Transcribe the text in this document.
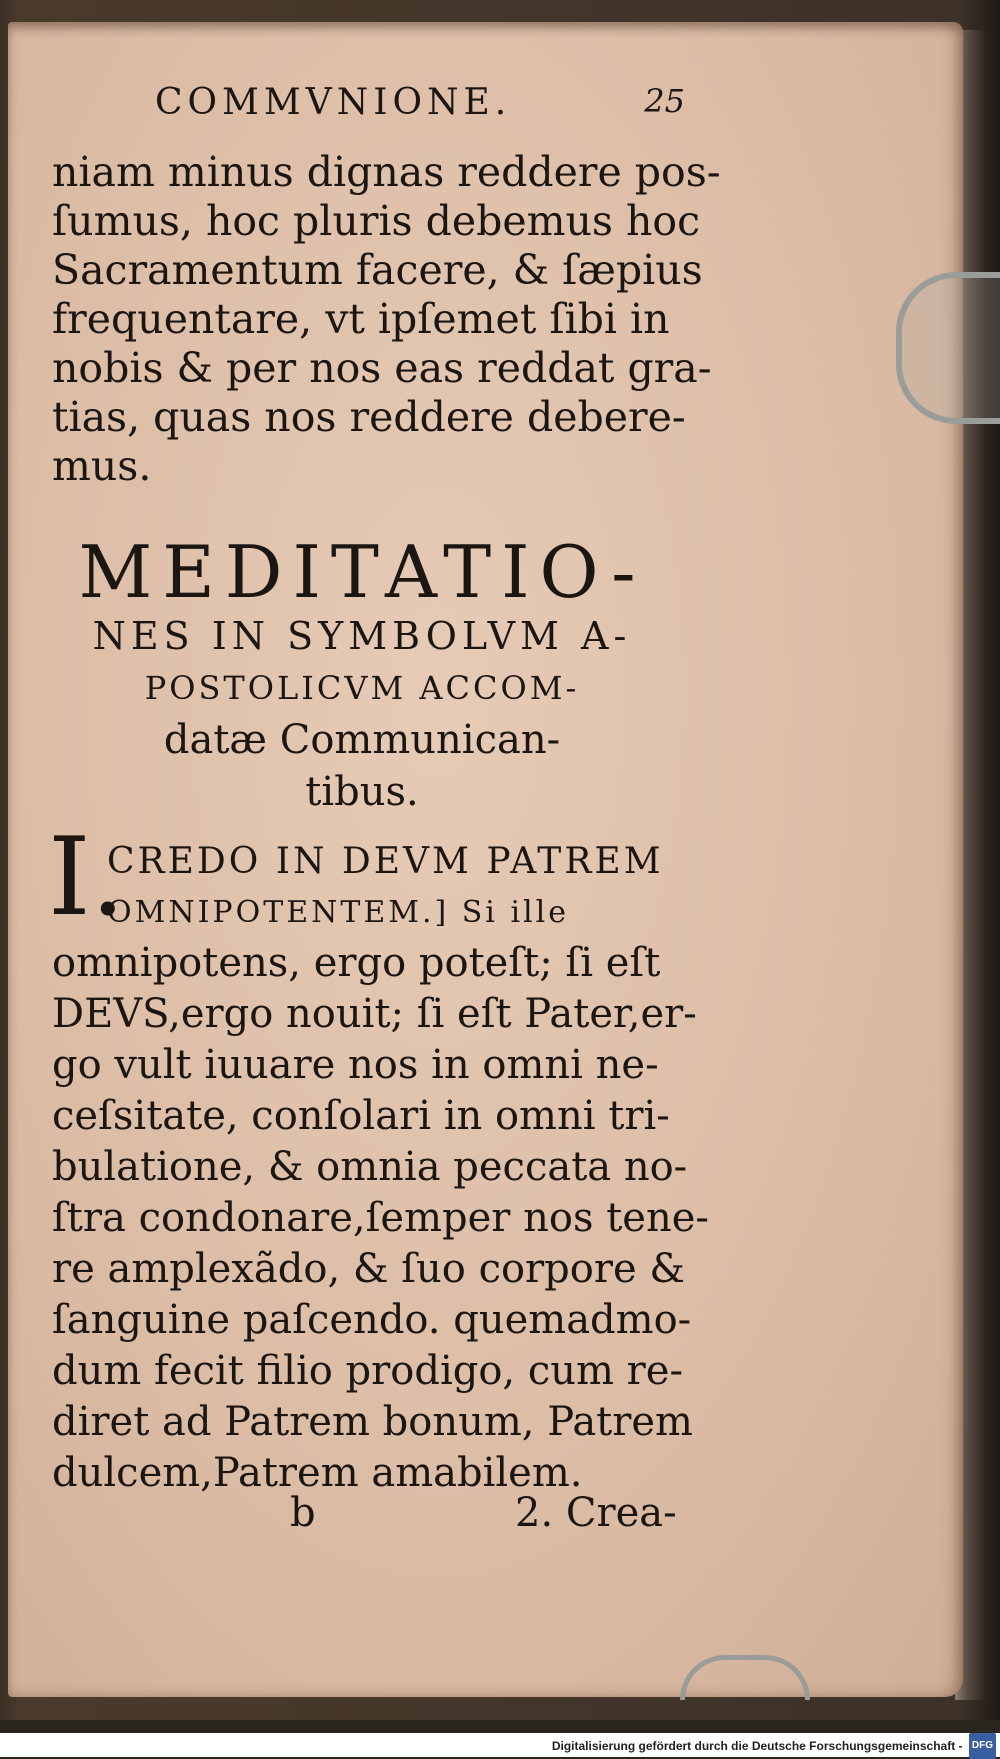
COMMVNIONE.	25
niam minus dignas reddere pos-
ſumus, hoc pluris debemus hoc
Sacramentum facere, & ſæpius
frequentare, vt ipſemet ſibi in
nobis & per nos eas reddat gra-
tias, quas nos reddere debere-
mus.
MEDITATIO-
NES IN SYMBOLVM A-
POSTOLICVM ACCOM-
datæ Communican-
tibus.
I.
CREDO IN DEVM PATREM
OMNIPOTENTEM.] Si ille
omnipotens, ergo poteſt; ſi eſt
DEVS,ergo nouit; ſi eſt Pater,er-
go vult iuuare nos in omni ne-
ceſsitate, conſolari in omni tri-
bulatione, & omnia peccata no-
ſtra condonare,ſemper nos tene-
re amplexãdo, & ſuo corpore &
ſanguine paſcendo. quemadmo-
dum fecit filio prodigo, cum re-
diret ad Patrem bonum, Patrem
dulcem,Patrem amabilem.
b	2. Crea-
Digitalisierung gefördert durch die Deutsche Forschungsgemeinschaft - DFG
